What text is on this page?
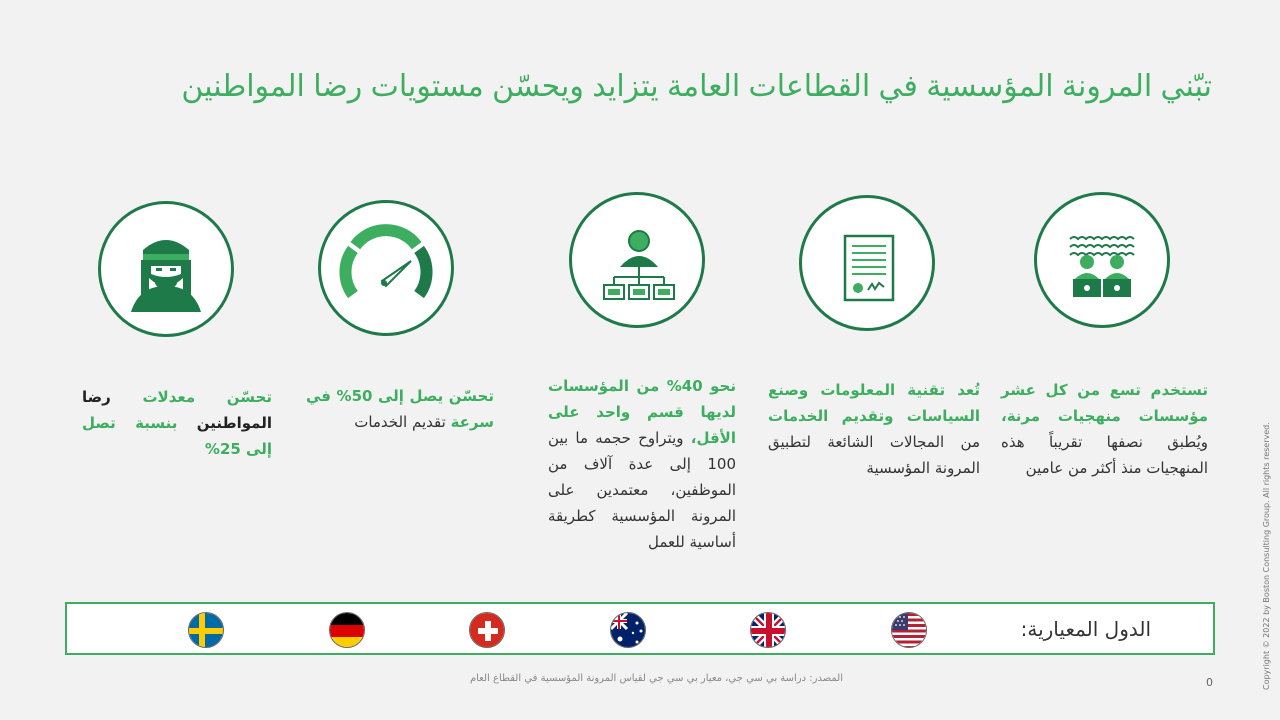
تبّني المرونة المؤسسية في القطاعات العامة يتزايد ويحسّن مستويات رضا المواطنين
تستخدم تسع من كل عشر مؤسسات منهجيات مرنة، ويُطبق نصفها تقريباً هذه المنهجيات منذ أكثر من عامين
تُعد تقنية المعلومات وصنع السياسات وتقديم الخدمات من المجالات الشائعة لتطبيق المرونة المؤسسية
نحو 40% من المؤسسات لديها قسم واحد على الأقل، ويتراوح حجمه ما بين 100 إلى عدة آلاف من الموظفين، معتمدين على المرونة المؤسسية كطريقة أساسية للعمل
تحسّن يصل إلى 50% في سرعة تقديم الخدمات
تحسّن معدلات رضا المواطنين بنسبة تصل إلى 25%
الدول المعيارية:
المصدر: دراسة بي سي جي، معيار بي سي جي لقياس المرونة المؤسسية في القطاع العام	0	Copyright © 2022 by Boston Consulting Group. All rights reserved.
